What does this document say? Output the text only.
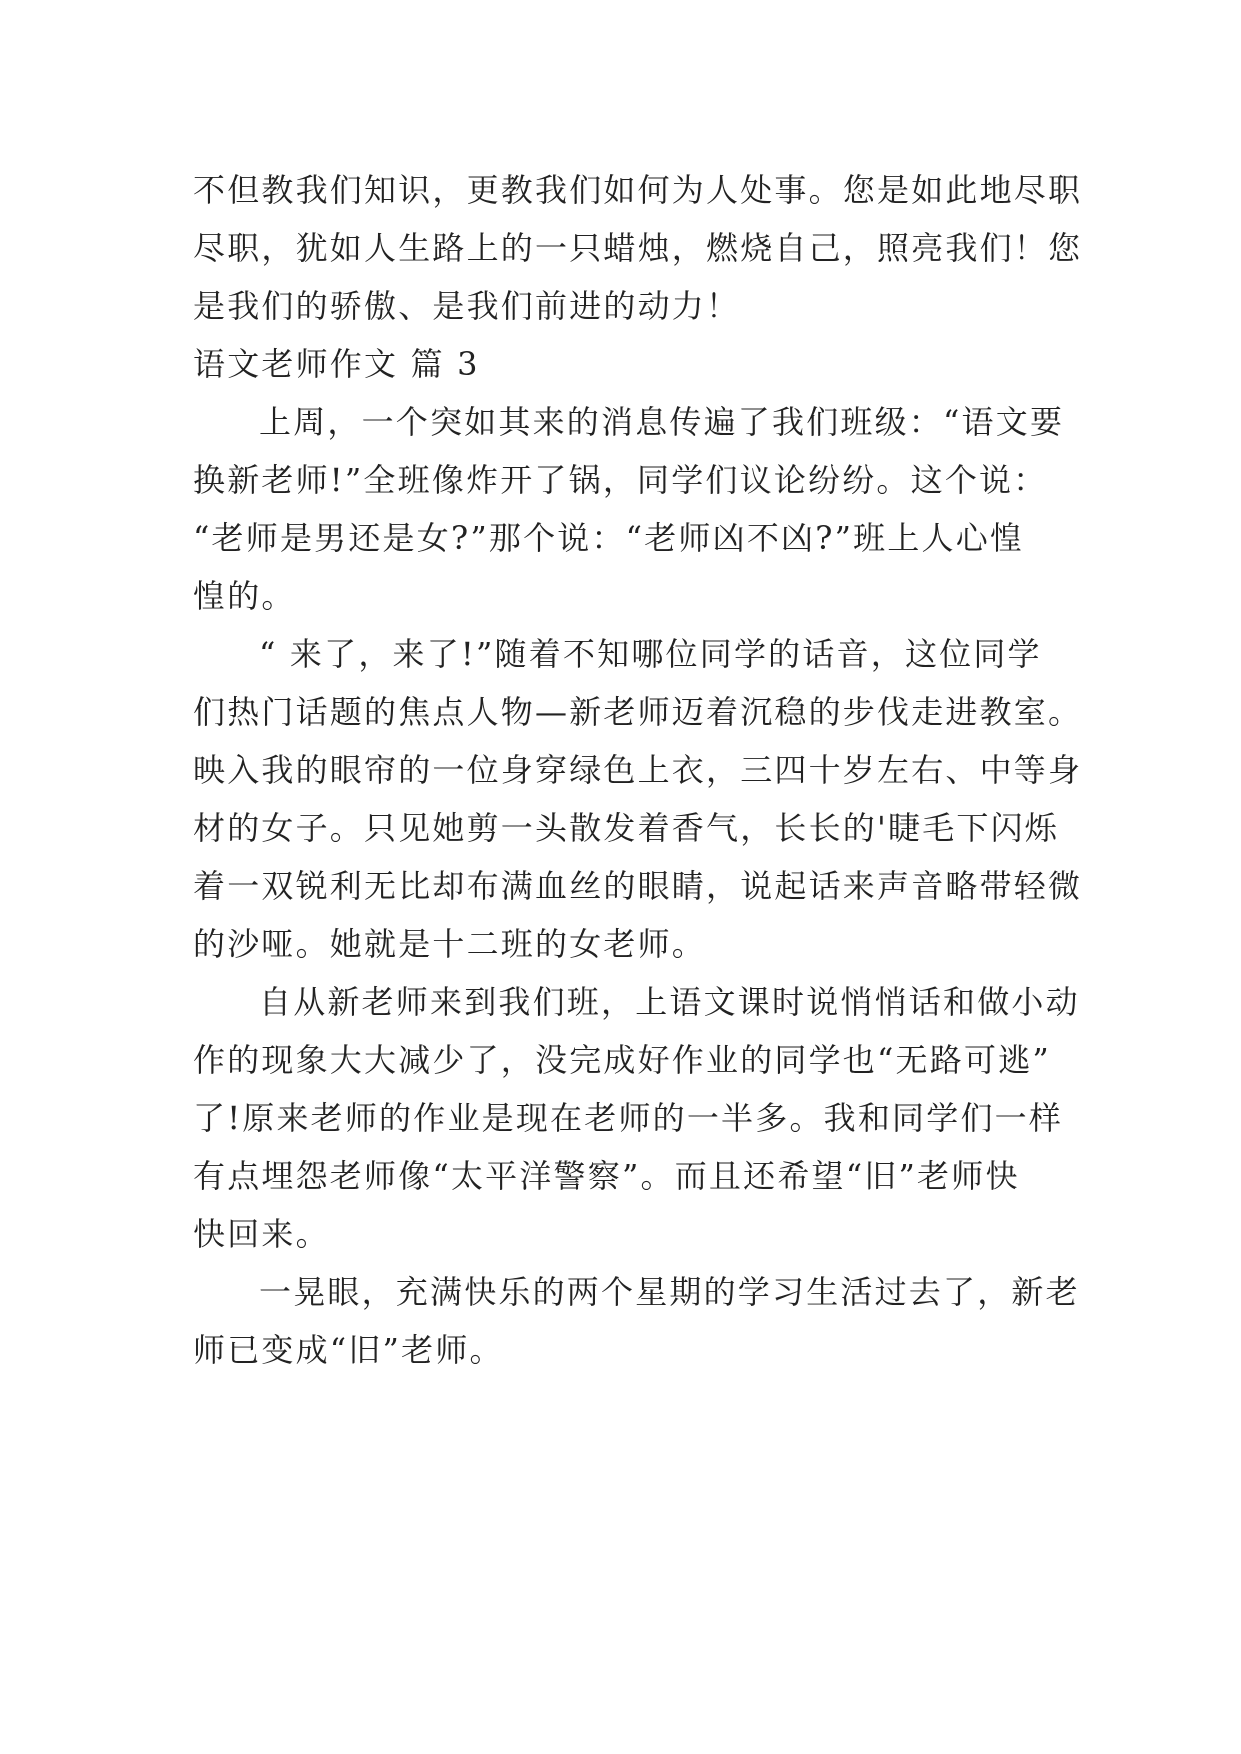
不但教我们知识，更教我们如何为人处事。您是如此地尽职
尽职，犹如人生路上的一只蜡烛，燃烧自己，照亮我们！您
是我们的骄傲、是我们前进的动力！
语文老师作文 篇 3
上周，一个突如其来的消息传遍了我们班级：“语文要
换新老师!”全班像炸开了锅，同学们议论纷纷。这个说：
“老师是男还是女?”那个说：“老师凶不凶?”班上人心惶
惶的。
“ 来了，来了!”随着不知哪位同学的话音，这位同学
们热门话题的焦点人物—新老师迈着沉稳的步伐走进教室。
映入我的眼帘的一位身穿绿色上衣，三四十岁左右、中等身
材的女子。只见她剪一头散发着香气，长长的'睫毛下闪烁
着一双锐利无比却布满血丝的眼睛，说起话来声音略带轻微
的沙哑。她就是十二班的女老师。
自从新老师来到我们班，上语文课时说悄悄话和做小动
作的现象大大减少了，没完成好作业的同学也“无路可逃”
了!原来老师的作业是现在老师的一半多。我和同学们一样
有点埋怨老师像“太平洋警察”。而且还希望“旧”老师快
快回来。
一晃眼，充满快乐的两个星期的学习生活过去了，新老
师已变成“旧”老师。
